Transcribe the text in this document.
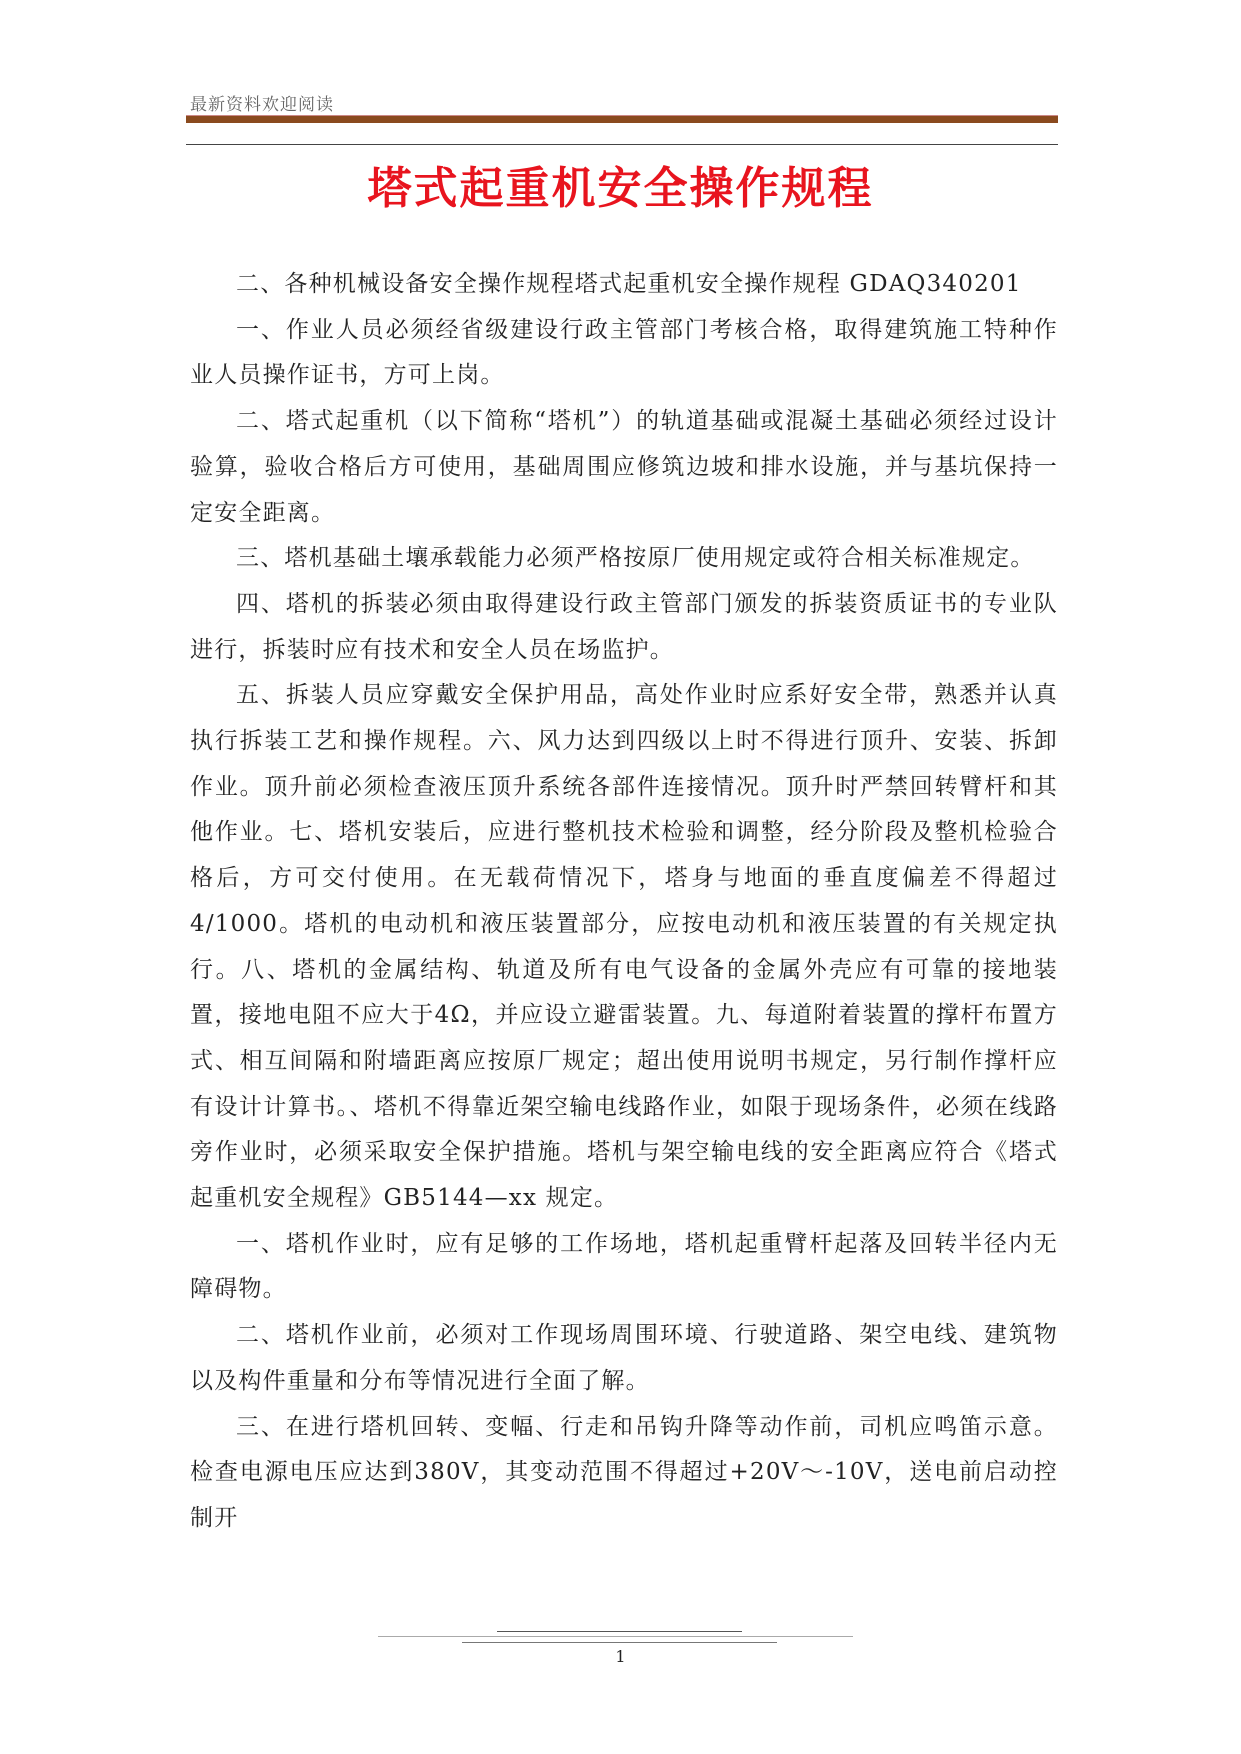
最新资料欢迎阅读
塔式起重机安全操作规程

二、各种机械设备安全操作规程塔式起重机安全操作规程 GDAQ340201

一、作业人员必须经省级建设行政主管部门考核合格，取得建筑施工特种作业人员操作证书，方可上岗。

二、塔式起重机（以下简称“塔机”）的轨道基础或混凝土基础必须经过设计验算，验收合格后方可使用，基础周围应修筑边坡和排水设施，并与基坑保持一定安全距离。

三、塔机基础土壤承载能力必须严格按原厂使用规定或符合相关标准规定。

四、塔机的拆装必须由取得建设行政主管部门颁发的拆装资质证书的专业队进行，拆装时应有技术和安全人员在场监护。

五、拆装人员应穿戴安全保护用品，高处作业时应系好安全带，熟悉并认真执行拆装工艺和操作规程。六、风力达到四级以上时不得进行顶升、安装、拆卸作业。顶升前必须检查液压顶升系统各部件连接情况。顶升时严禁回转臂杆和其他作业。七、塔机安装后，应进行整机技术检验和调整，经分阶段及整机检验合格后，方可交付使用。在无载荷情况下，塔身与地面的垂直度偏差不得超过4/1000。塔机的电动机和液压装置部分，应按电动机和液压装置的有关规定执行。八、塔机的金属结构、轨道及所有电气设备的金属外壳应有可靠的接地装置，接地电阻不应大于4Ω，并应设立避雷装置。九、每道附着装置的撑杆布置方式、相互间隔和附墙距离应按原厂规定；超出使用说明书规定，另行制作撑杆应有设计计算书。、塔机不得靠近架空输电线路作业，如限于现场条件，必须在线路旁作业时，必须采取安全保护措施。塔机与架空输电线的安全距离应符合《塔式起重机安全规程》GB5144—xx 规定。

一、塔机作业时，应有足够的工作场地，塔机起重臂杆起落及回转半径内无障碍物。

二、塔机作业前，必须对工作现场周围环境、行驶道路、架空电线、建筑物以及构件重量和分布等情况进行全面了解。

三、在进行塔机回转、变幅、行走和吊钩升降等动作前，司机应鸣笛示意。检查电源电压应达到380V，其变动范围不得超过+20V～-10V，送电前启动控制开

1
